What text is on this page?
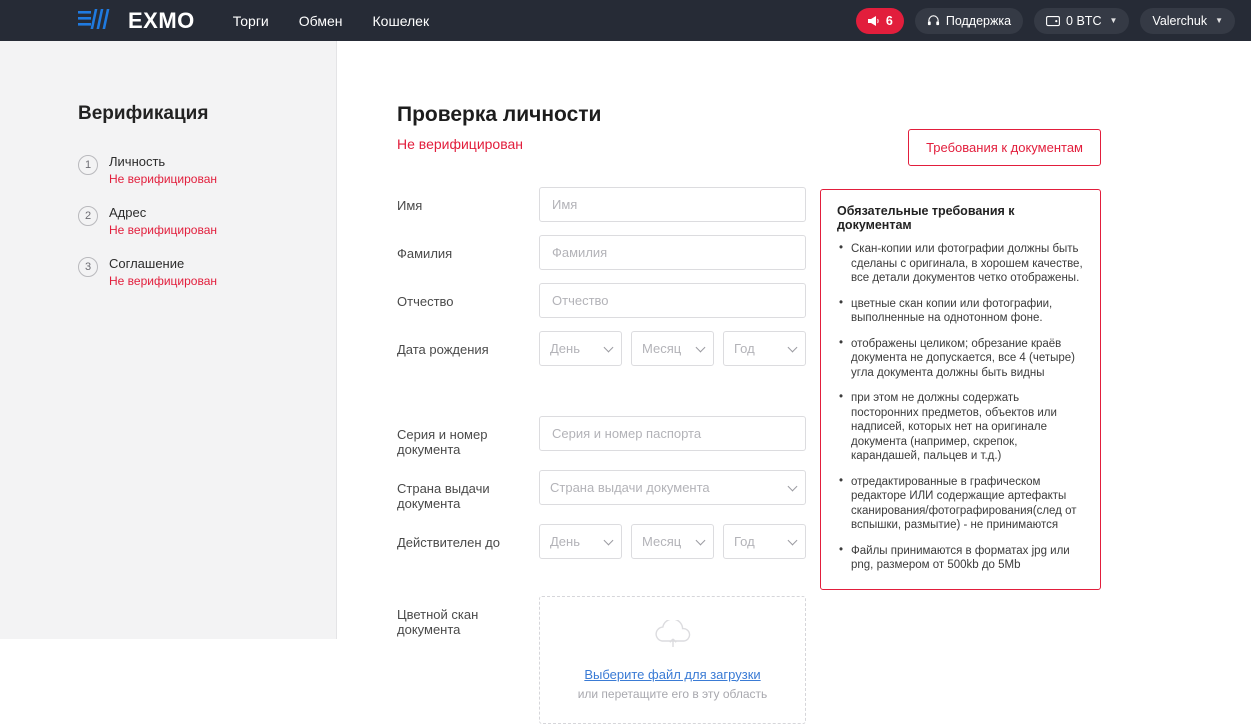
EXMO	Торги Обмен Кошелек	6	Поддержка	0 BTC ▼	Valerchuk ▼
Верификация
1	Личность
Не верифицирован
2	Адрес
Не верифицирован
3	Соглашение
Не верифицирован
Проверка личности

Не верифицирован	Требования к документам
Имя
Имя
Фамилия
Фамилия
Отчество
Отчество
Дата рождения	День	Месяц	Год
Серия и номер документа
Серия и номер паспорта
Страна выдачи документа
Страна выдачи документа
Действителен до	День	Месяц	Год
Цветной скан документа
Выберите файл для загрузки
или перетащите его в эту область
Обязательные требования к документам
• Скан-копии или фотографии должны быть сделаны с оригинала, в хорошем качестве, все детали документов четко отображены.
• цветные скан копии или фотографии, выполненные на однотонном фоне.
• отображены целиком; обрезание краёв документа не допускается, все 4 (четыре) угла документа должны быть видны
• при этом не должны содержать посторонних предметов, объектов или надписей, которых нет на оригинале документа (например, скрепок, карандашей, пальцев и т.д.)
• отредактированные в графическом редакторе ИЛИ содержащие артефакты сканирования/фотографирования(след от вспышки, размытие) - не принимаются
• Файлы принимаются в форматах jpg или png, размером от 500kb до 5Mb
